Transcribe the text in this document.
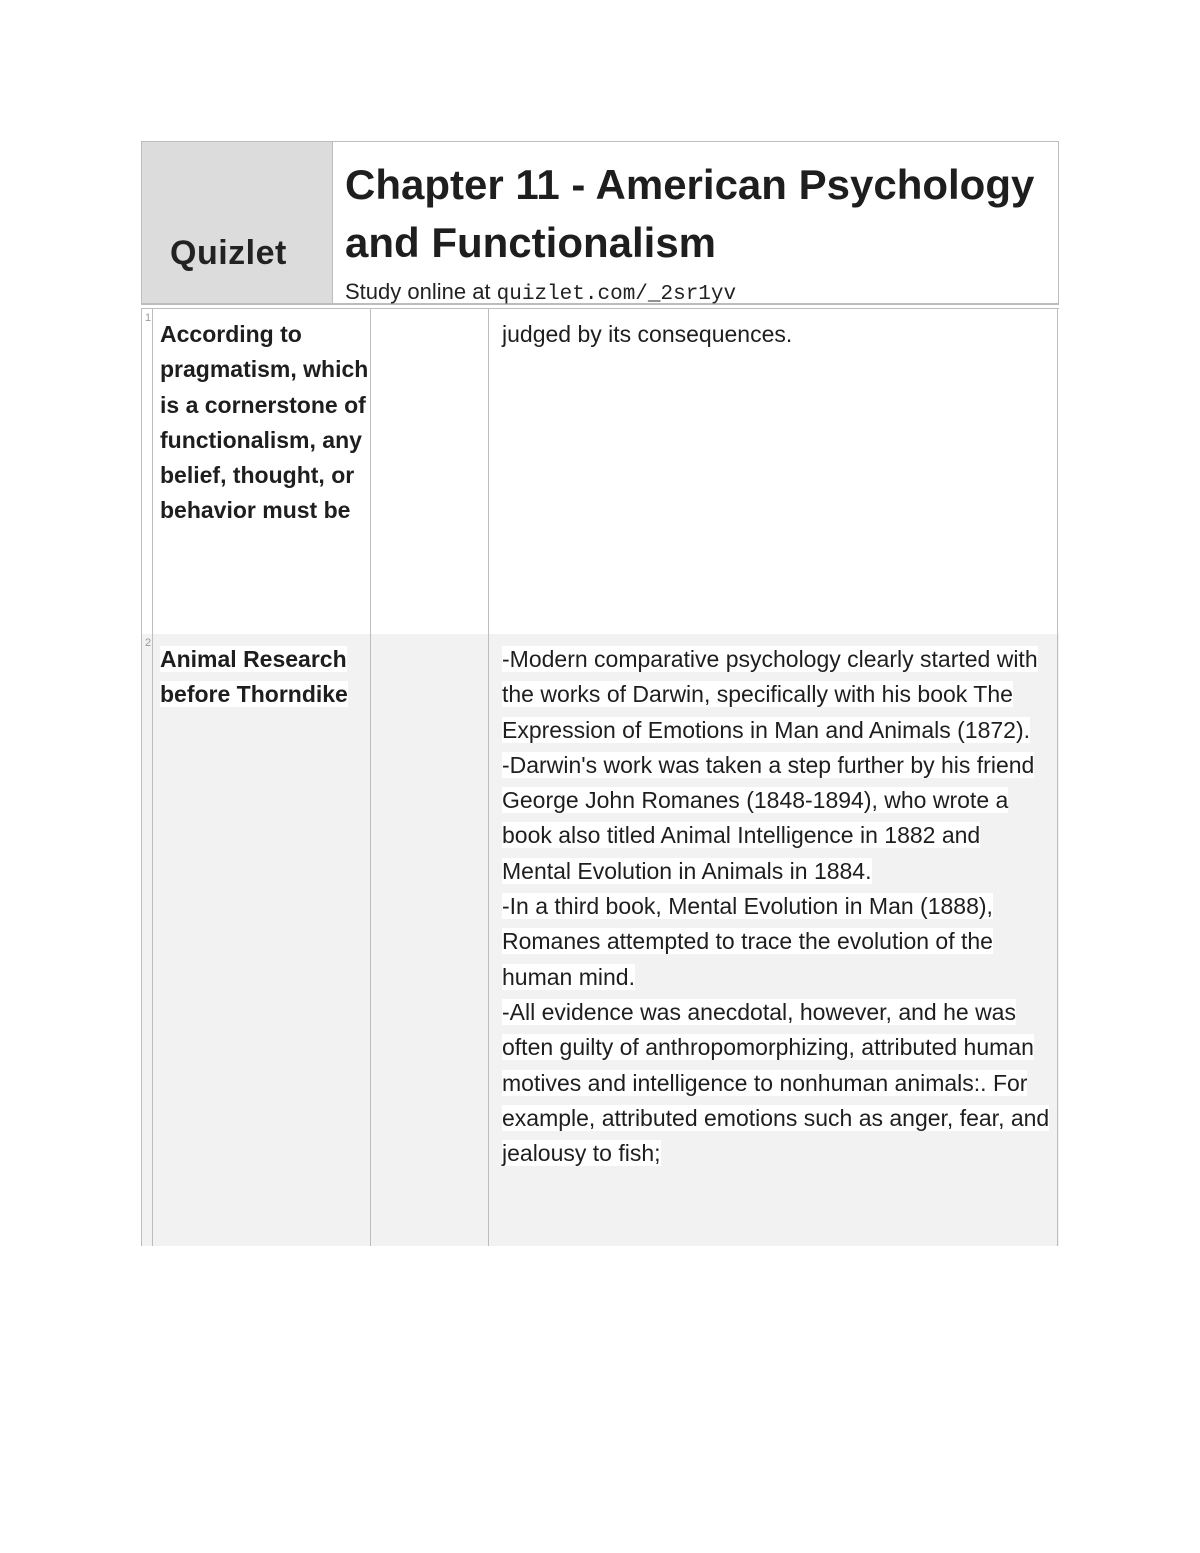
Quizlet
Chapter 11 - American Psychology and Functionalism
Study online at quizlet.com/_2sr1yv
1
According to pragmatism, which is a cornerstone of functionalism, any belief, thought, or behavior must be

judged by its consequences.

2
Animal Research before Thorndike

-Modern comparative psychology clearly started with the works of Darwin, specifically with his book The Expression of Emotions in Man and Animals (1872).

-Darwin's work was taken a step further by his friend George John Romanes (1848-1894), who wrote a book also titled Animal Intelligence in 1882 and Mental Evolution in Animals in 1884.

-In a third book, Mental Evolution in Man (1888), Romanes attempted to trace the evolution of the human mind.

-All evidence was anecdotal, however, and he was often guilty of anthropomorphizing, attributed human motives and intelligence to nonhuman animals:. For example, attributed emotions such as anger, fear, and jealousy to fish;
